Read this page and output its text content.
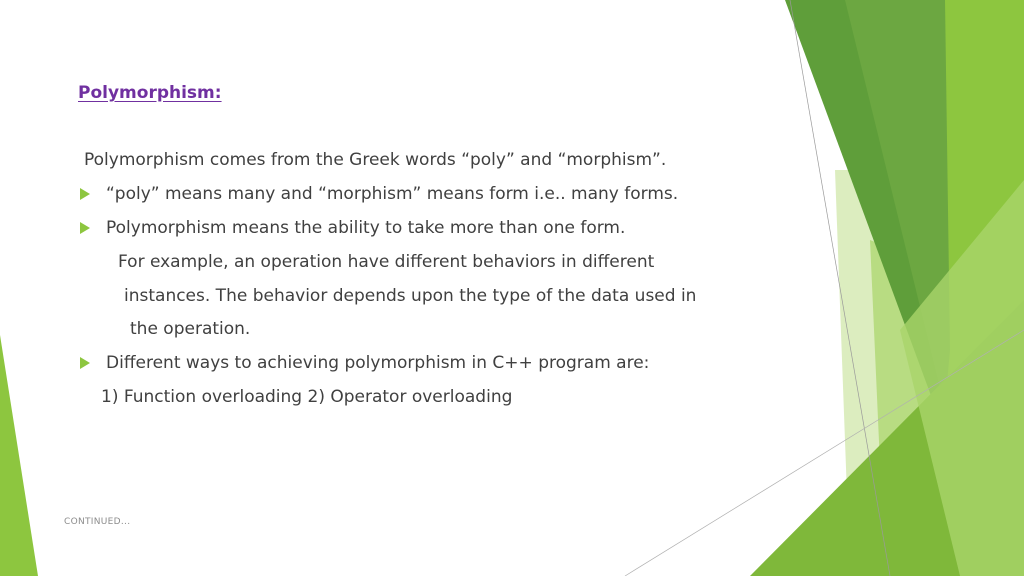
Polymorphism:
Polymorphism comes from the Greek words “poly” and “morphism”.
“poly” means many and “morphism” means form i.e.. many forms.
Polymorphism means the ability to take more than one form.
For example, an operation have different behaviors in different
instances. The behavior depends upon the type of the data used in
the operation.
Different ways to achieving polymorphism in C++ program are:
1) Function overloading 2) Operator overloading
CONTINUED...
